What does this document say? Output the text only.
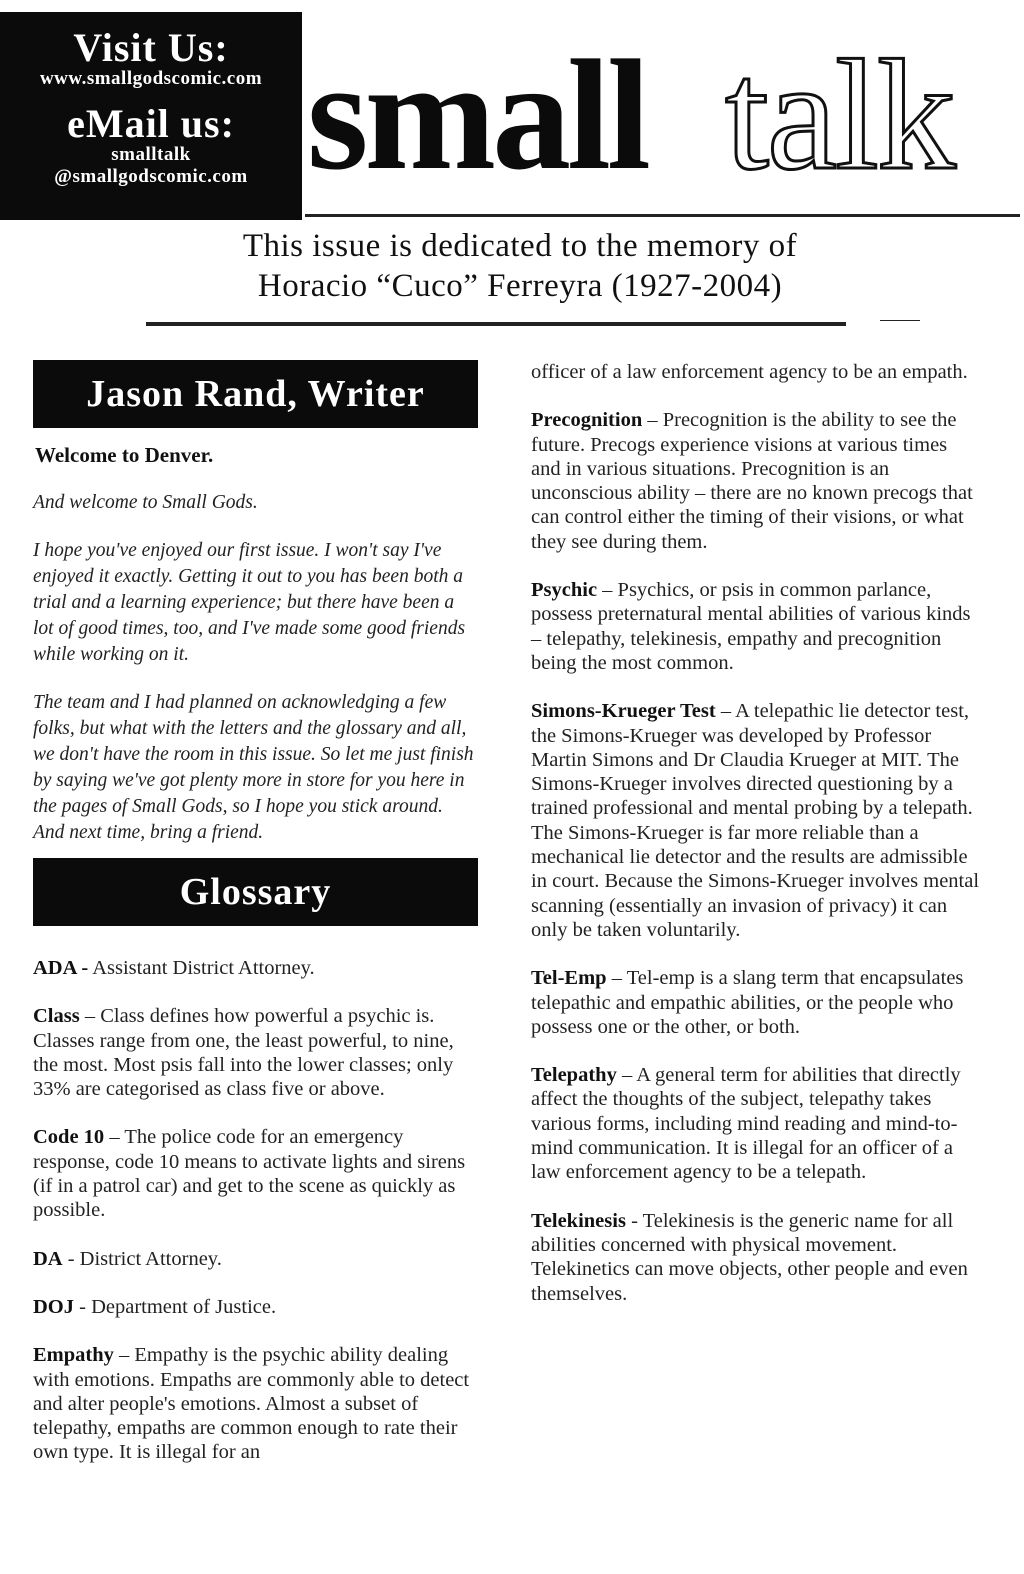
Visit Us:
www.smallgodscomic.com
eMail us:
smalltalk
@smallgodscomic.com small talk
This issue is dedicated to the memory of
Horacio “Cuco” Ferreyra (1927-2004)
Jason Rand, Writer
Welcome to Denver.

And welcome to Small Gods.

I hope you've enjoyed our first issue. I won't say I've enjoyed it exactly. Getting it out to you has been both a trial and a learning experience; but there have been a lot of good times, too, and I've made some good friends while working on it.

The team and I had planned on acknowledging a few folks, but what with the letters and the glossary and all, we don't have the room in this issue. So let me just finish by saying we've got plenty more in store for you here in the pages of Small Gods, so I hope you stick around. And next time, bring a friend.

Glossary
ADA - Assistant District Attorney.
Class – Class defines how powerful a psychic is. Classes range from one, the least powerful, to nine, the most. Most psis fall into the lower classes; only 33% are categorised as class five or above.
Code 10 – The police code for an emergency response, code 10 means to activate lights and sirens (if in a patrol car) and get to the scene as quickly as possible.
DA - District Attorney.
DOJ - Department of Justice.
Empathy – Empathy is the psychic ability dealing with emotions. Empaths are commonly able to detect and alter people's emotions. Almost a subset of telepathy, empaths are common enough to rate their own type. It is illegal for an
officer of a law enforcement agency to be an empath.
Precognition – Precognition is the ability to see the future. Precogs experience visions at various times and in various situations. Precognition is an unconscious ability – there are no known precogs that can control either the timing of their visions, or what they see during them.
Psychic – Psychics, or psis in common parlance, possess preternatural mental abilities of various kinds – telepathy, telekinesis, empathy and precognition being the most common.
Simons-Krueger Test – A telepathic lie detector test, the Simons-Krueger was developed by Professor Martin Simons and Dr Claudia Krueger at MIT. The Simons-Krueger involves directed questioning by a trained professional and mental probing by a telepath. The Simons-Krueger is far more reliable than a mechanical lie detector and the results are admissible in court. Because the Simons-Krueger involves mental scanning (essentially an invasion of privacy) it can only be taken voluntarily.
Tel-Emp – Tel-emp is a slang term that encapsulates telepathic and empathic abilities, or the people who possess one or the other, or both.
Telepathy – A general term for abilities that directly affect the thoughts of the subject, telepathy takes various forms, including mind reading and mind-to-mind communication. It is illegal for an officer of a law enforcement agency to be a telepath.
Telekinesis - Telekinesis is the generic name for all abilities concerned with physical movement. Telekinetics can move objects, other people and even themselves.
